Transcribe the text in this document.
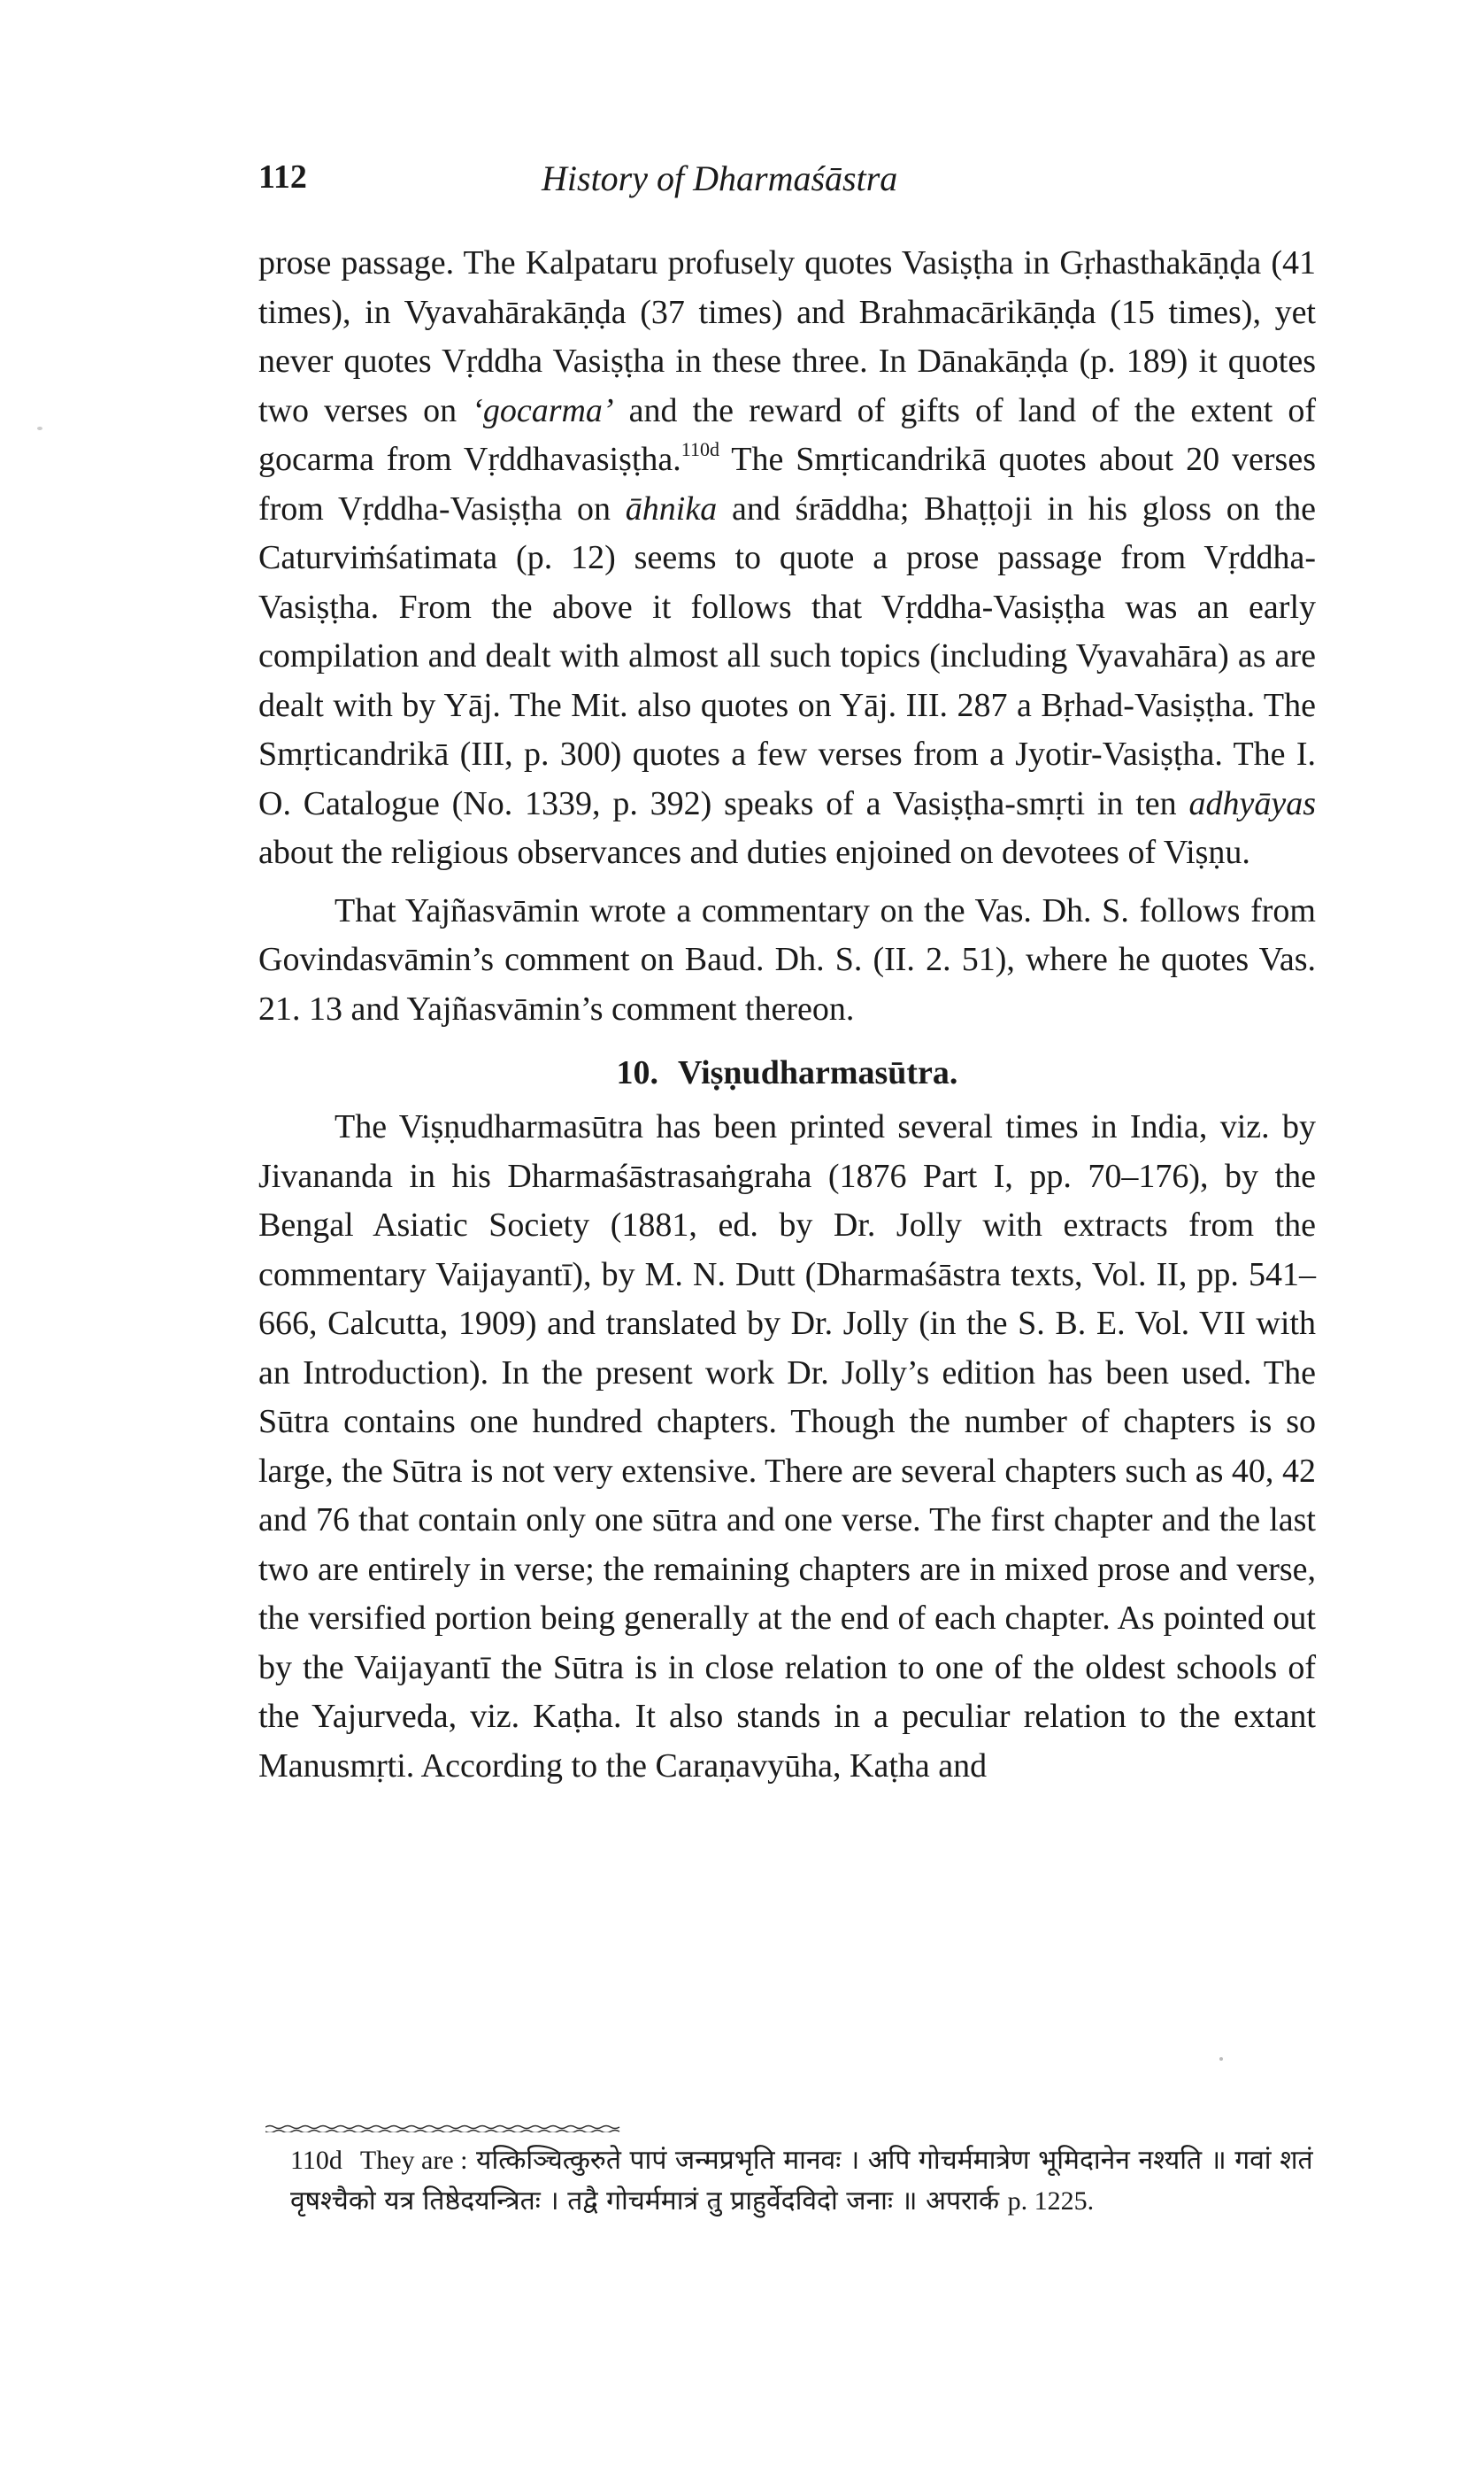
112	History of Dharmaśāstra

prose passage. The Kalpataru profusely quotes Vasiṣṭha in Gṛhasthakāṇḍa (41 times), in Vyavahārakāṇḍa (37 times) and Brahmacārikāṇḍa (15 times), yet never quotes Vṛddha Vasiṣṭha in these three. In Dānakāṇḍa (p. 189) it quotes two verses on ‘gocarma’ and the reward of gifts of land of the extent of gocarma from Vṛddhavasiṣṭha.$^{110d}$ The Smṛticandrikā quotes about 20 verses from Vṛddha-Vasiṣṭha on āhnika and śrāddha; Bhaṭṭoji in his gloss on the Caturviṁśatimata (p. 12) seems to quote a prose passage from Vṛddha-Vasiṣṭha. From the above it follows that Vṛddha-Vasiṣṭha was an early compilation and dealt with almost all such topics (including Vyavahāra) as are dealt with by Yāj. The Mit. also quotes on Yāj. III. 287 a Bṛhad-Vasiṣṭha. The Smṛticandrikā (III, p. 300) quotes a few verses from a Jyotir-Vasiṣṭha. The I. O. Catalogue (No. 1339, p. 392) speaks of a Vasiṣṭha-smṛti in ten adhyāyas about the religious observances and duties enjoined on devotees of Viṣṇu.

That Yajñasvāmin wrote a commentary on the Vas. Dh. S. follows from Govindasvāmin’s comment on Baud. Dh. S. (II. 2. 51), where he quotes Vas. 21. 13 and Yajñasvāmin’s comment thereon.

10. Viṣṇudharmasūtra.

The Viṣṇudharmasūtra has been printed several times in India, viz. by Jivananda in his Dharmaśāstrasaṅgraha (1876 Part I, pp. 70–176), by the Bengal Asiatic Society (1881, ed. by Dr. Jolly with extracts from the commentary Vaijayantī), by M. N. Dutt (Dharmaśāstra texts, Vol. II, pp. 541–666, Calcutta, 1909) and translated by Dr. Jolly (in the S. B. E. Vol. VII with an Introduction). In the present work Dr. Jolly’s edition has been used. The Sūtra contains one hundred chapters. Though the number of chapters is so large, the Sūtra is not very extensive. There are several chapters such as 40, 42 and 76 that contain only one sūtra and one verse. The first chapter and the last two are entirely in verse; the remaining chapters are in mixed prose and verse, the versified portion being generally at the end of each chapter. As pointed out by the Vaijayantī the Sūtra is in close relation to one of the oldest schools of the Yajurveda, viz. Kaṭha. It also stands in a peculiar relation to the extant Manusmṛti. According to the Caraṇavyūha, Kaṭha and

110d They are : यत्किञ्चित्कुरुते पापं जन्मप्रभृति मानवः । अपि गोचर्ममात्रेण भूमिदानेन नश्यति ॥ गवां शतं वृषश्चैको यत्र तिष्ठेदयन्त्रितः । तद्वै गोचर्ममात्रं तु प्राहुर्वेदविदो जनाः ॥ अपरार्क p. 1225.
